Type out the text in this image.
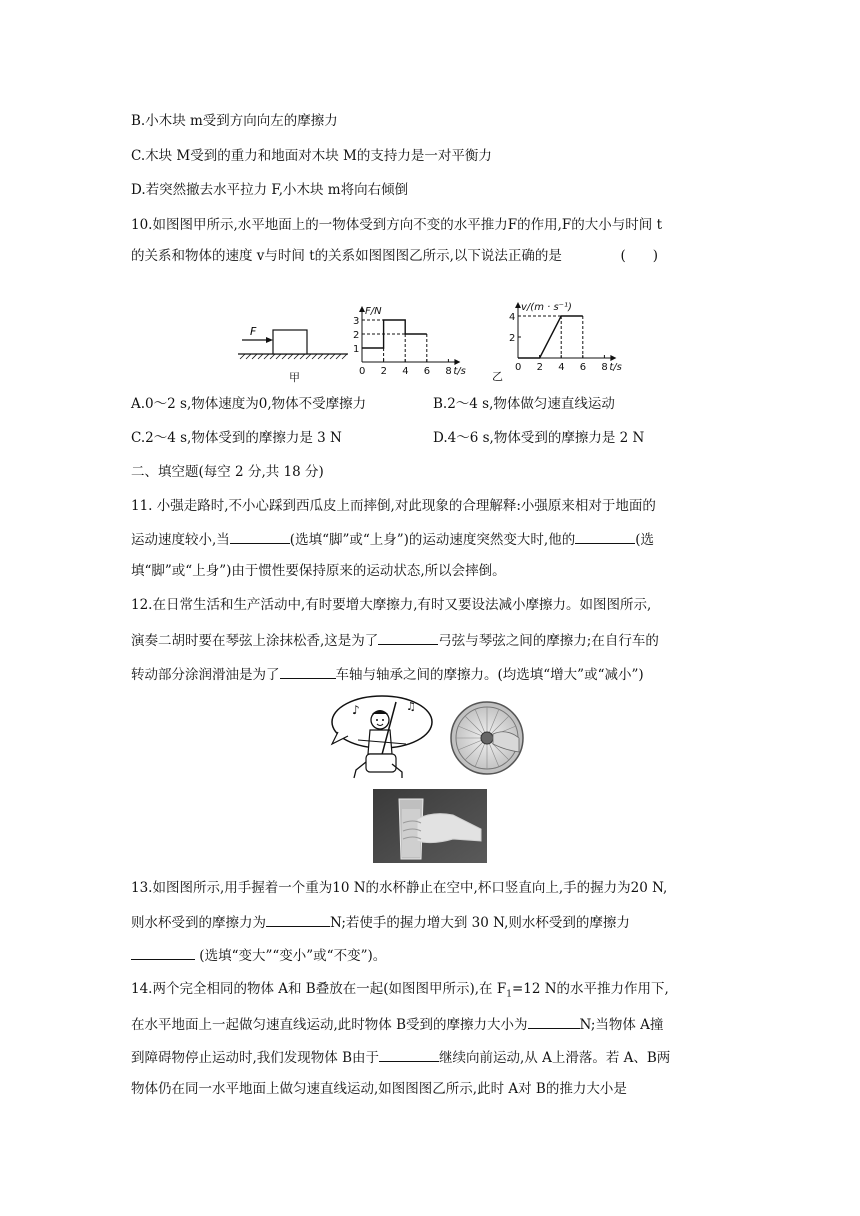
B.小木块 m受到方向向左的摩擦力
C.木块 M受到的重力和地面对木块 M的支持力是一对平衡力
D.若突然撤去水平拉力 F,小木块 m将向右倾倒
10.如图图甲所示,水平地面上的一物体受到方向不变的水平推力F的作用,F的大小与时间 t
的关系和物体的速度 v与时间 t的关系如图图图乙所示,以下说法正确的是	(　　)
F
甲	0 2 4 6 8
1
2
3
F/N
t/s	0 2 4 6 8
2
4
v/(m · s⁻¹)
t/s
乙
A.0～2 s,物体速度为0,物体不受摩擦力	B.2～4 s,物体做匀速直线运动
C.2～4 s,物体受到的摩擦力是 3 N	D.4～6 s,物体受到的摩擦力是 2 N
二、填空题(每空 2 分,共 18 分)
11. 小强走路时,不小心踩到西瓜皮上而摔倒,对此现象的合理解释:小强原来相对于地面的
运动速度较小,当	(选填“脚”或“上身”)的运动速度突然变大时,他的	(选
填“脚”或“上身”)由于惯性要保持原来的运动状态,所以会摔倒。
12.在日常生活和生产活动中,有时要增大摩擦力,有时又要设法减小摩擦力。如图图所示,
演奏二胡时要在琴弦上涂抹松香,这是为了	弓弦与琴弦之间的摩擦力;在自行车的
转动部分涂润滑油是为了	车轴与轴承之间的摩擦力。(均选填“增大”或“减小”)
♪	♫
13.如图图所示,用手握着一个重为10 N的水杯静止在空中,杯口竖直向上,手的握力为20 N,
则水杯受到的摩擦力为	N;若使手的握力增大到 30 N,则水杯受到的摩擦力
(选填“变大”“变小”或“不变”)。
14.两个完全相同的物体 A和 B叠放在一起(如图图甲所示),在 $F_1=12$ N的水平推力作用下,
在水平地面上一起做匀速直线运动,此时物体 B受到的摩擦力大小为	N;当物体 A撞
到障碍物停止运动时,我们发现物体 B由于	继续向前运动,从 A上滑落。若 A、B两
物体仍在同一水平地面上做匀速直线运动,如图图图乙所示,此时 A对 B的推力大小是
